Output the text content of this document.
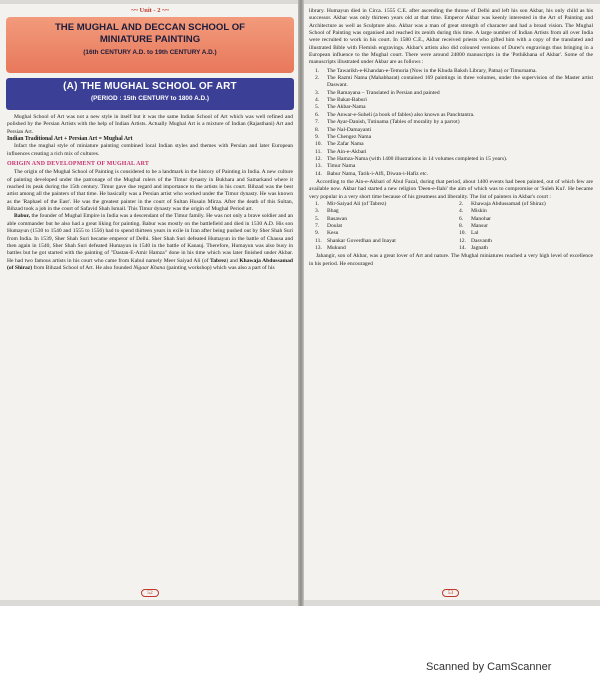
~~ Unit - 2 ~~
THE MUGHAL AND DECCAN SCHOOL OF
MINIATURE PAINTING
(16th CENTURY A.D. to 19th CENTURY A.D.)
(A) THE MUGHAL SCHOOL OF ART
(PERIOD : 15th CENTURY to 1800 A.D.)

Mughal School of Art was not a new style in itself but it was the same Indian School of Art which was well refined and polished by the Persian Artists with the help of Indian Artists. Actually Mughal Art is a mixture of Indian (Rajasthani) Art and Persian Art.

Indian Traditional Art + Persian Art = Mughal Art

Infact the mughal style of miniature painting combined local Indian styles and themes with Persian and later European influences creating a rich mix of cultures.

ORIGIN AND DEVELOPMENT OF MUGHAL ART

The origin of the Mughal School of Painting is considered to be a landmark in the history of Painting in India. A new culture of painting developed under the patronage of the Mughal rulers of the Timur dynasty in Bukhara and Samarkand where it reached its peak during the 15th century. Timur gave due regard and importance to the artists in his court. Bihzad was the best artist among all the painters of that time. He basically was a Persian artist who worked under the Timur dynasty. He was known as the 'Raphael of the East'. He was the greatest painter in the court of Sultan Husain Mirza. After the death of this Sultan, Bihzad took a job in the court of Safavid Shah Ismail. This Timur dynasty was the origin of Mughal Period art.

Babur, the founder of Mughal Empire in India was a descendant of the Timur family. He was not only a brave soldier and an able commander but he also had a great liking for painting. Babur was mostly on the battlefield and died in 1530 A.D. His son Humayun (1530 to 1540 and 1555 to 1556) had to spend thirteen years in exile in Iran after being pushed out by Sher Shah Suri from India. In 1539, Sher Shah Suri became emperor of Delhi. Sher Shah Suri defeated Humayun in the battle of Chausa and then again in 1540, Sher Shah Suri defeated Humayun in 1540 in the battle of Kanauj. Therefore, Humayun was also busy in battles but he got started with the painting of "Dastan-E-Amir Hamza" done in his time which was later finished under Akbar. He had two famous artists in his court who came from Kabul namely Meer Saiyad Ali (of Tabrez) and Khawaja Abdussamad (of Shiraz) from Bihzad School of Art. He also founded Nigaar Khana (painting workshop) which was also a part of his

52

library. Humayun died in Circa. 1555 C.E. after ascending the throne of Delhi and left his son Akbar, his only child as his successor. Akbar was only thirteen years old at that time. Emperor Akbar was keenly interested in the Art of Painting and Architecture as well as Sculpture also. Akbar was a man of great strength of character and had a broad vision. The Mughal School of Painting was organised and reached its zenith during this time. A large number of Indian Artists from all over India were recruited to work in his court. In 1580 C.E., Akbar received priests who gifted him with a copy of the translated and illustrated Bible with Flemish engravings. Akbar's artists also did coloured versions of Durer's engravings thus bringing in a European influence to the Mughal court. There were around 24000 manuscripts in the 'Pothikhana of Akbar'. Some of the manuscripts illustrated under Akbar are as follows :

1.	The Tawarikh-e-Khandan-e-Temuria (Now in the Khuda Baksh Library, Patna) or Timurnama.
2.	The Razmi Nama (Mahabharat) contained 169 paintings in three volumes, under the supervision of the Master artist Daswant.
3.	The Ramayana – Translated in Persian and painted
4.	The Bakat-Baburi
5.	The Akbar-Nama
6.	The Anwar-e-Suheli (a book of fables) also known as Panchtantra.
7.	The Ayar-Danish, Tutinama (Tables of morality by a parrot)
8.	The Nal-Damayanti
9.	The Chengez Nama
10. The Zafar Nama
11. The Ain-e-Akbari
12. The Hamza-Nama (with 1400 illustrations in 14 volumes completed in 15 years).
13. Timur Nama
14. Babur Nama, Tarik-i-Alfi, Diwan-i-Hafiz etc.

According to the Ain-e-Akbari of Abul Fazal, during that period, about 1400 events had been painted, out of which few are available now. Akbar had started a new religion 'Deen-e-Ilahi' the aim of which was to compromise or 'Suleh Kul'. He became very popular in a very short time because of his greatness and liberality. The list of painters in Akbar's court :

1.	Mir-Saiyad Ali (of Tabrez)	2.	Khawaja Abdussamad (of Shiraz)
3.	Bhag	4.	Miskin
5.	Basawan	6.	Manohar
7.	Doulat	8.	Mansur
9.	Kesu	10. Lal
11. Shankar Goverdhan and Inayat	12. Dasvanth
13. Mukund	14. Jagnath

Jahangir, son of Akbar, was a great lover of Art and nature. The Mughal miniatures reached a very high level of excellence in his period. He encouraged

53
Scanned by CamScanner
